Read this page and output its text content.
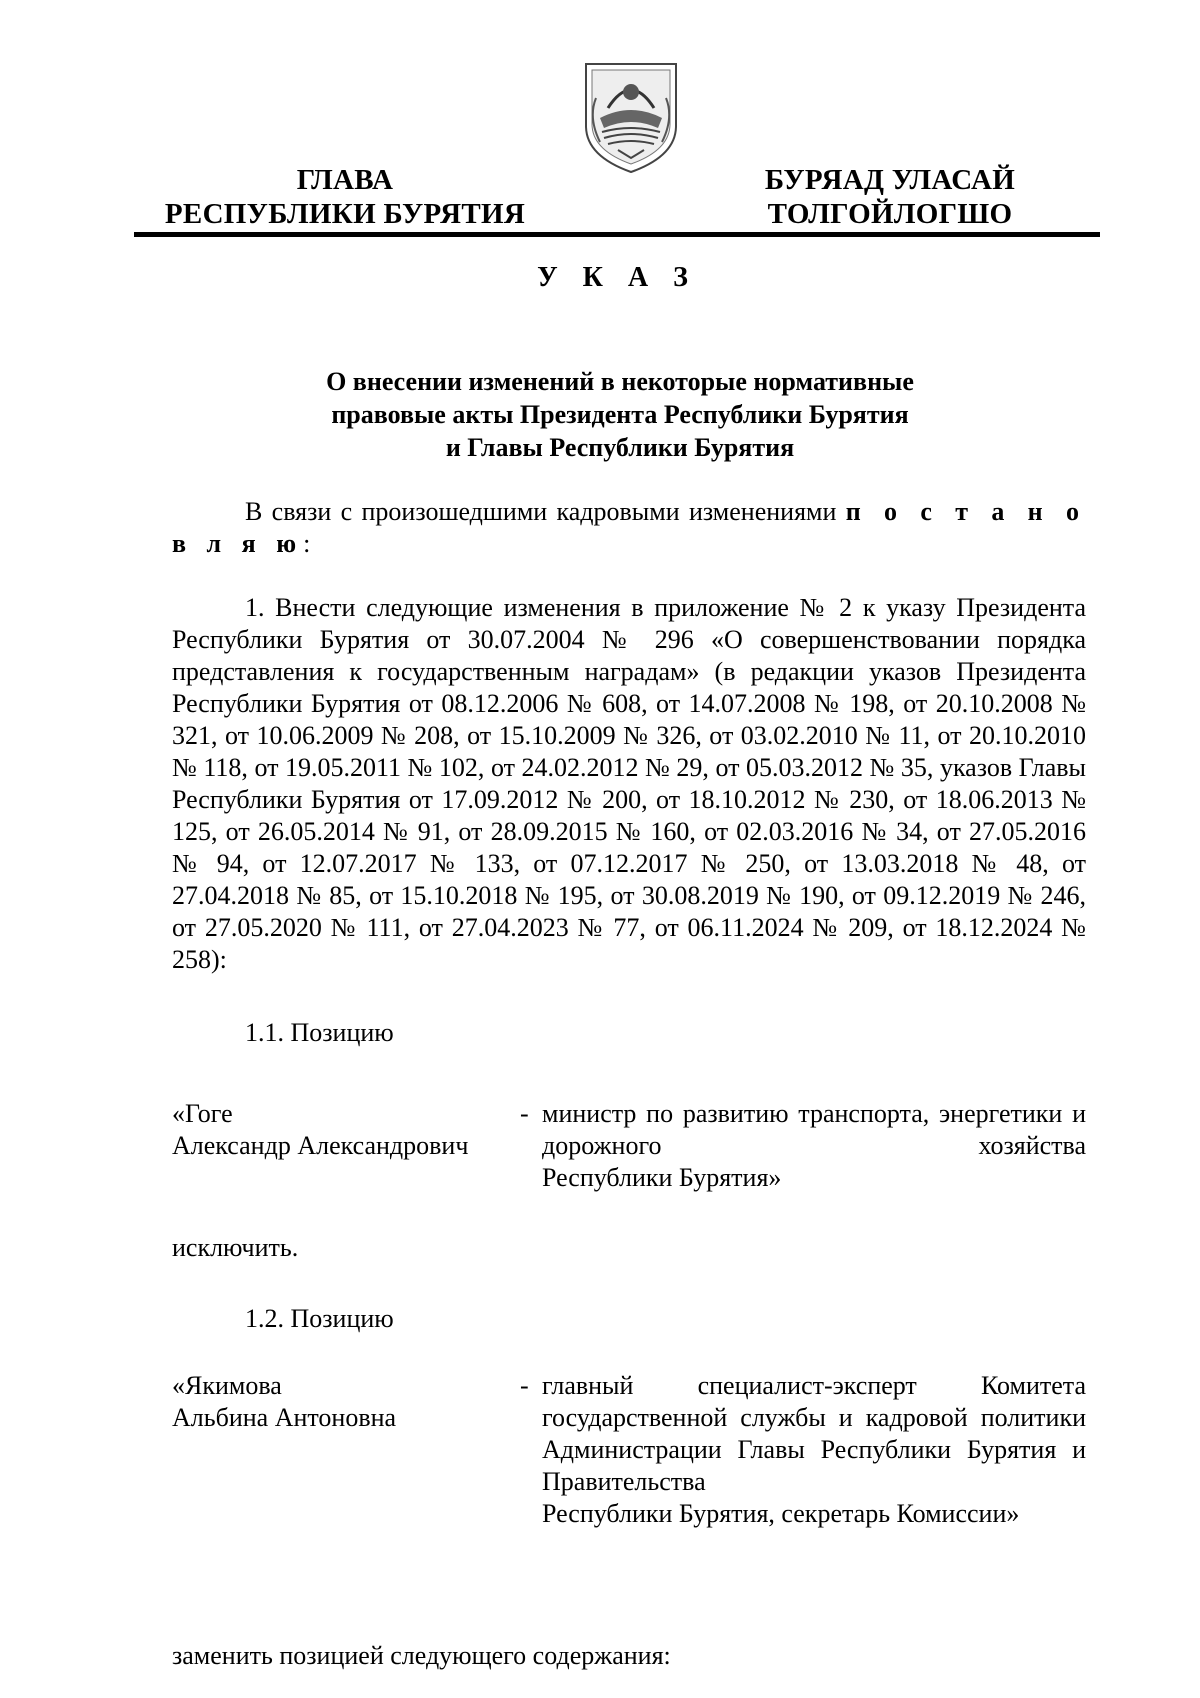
ГЛАВА
РЕСПУБЛИКИ БУРЯТИЯ
БУРЯАД УЛАСАЙ
ТОЛГОЙЛОГШО
У К А З
О внесении изменений в некоторые нормативные
правовые акты Президента Республики Бурятия
и Главы Республики Бурятия
В связи с произошедшими кадровыми изменениями п о с т а н о в л я ю:
1. Внести следующие изменения в приложение № 2 к указу Президента Республики Бурятия от 30.07.2004 № 296 «О совершенствовании порядка представления к государственным наградам» (в редакции указов Президента Республики Бурятия от 08.12.2006 № 608, от 14.07.2008 № 198, от 20.10.2008 № 321, от 10.06.2009 № 208, от 15.10.2009 № 326, от 03.02.2010 № 11, от 20.10.2010 № 118, от 19.05.2011 № 102, от 24.02.2012 № 29, от 05.03.2012 № 35, указов Главы Республики Бурятия от 17.09.2012 № 200, от 18.10.2012 № 230, от 18.06.2013 № 125, от 26.05.2014 № 91, от 28.09.2015 № 160, от 02.03.2016 № 34, от 27.05.2016 № 94, от 12.07.2017 № 133, от 07.12.2017 № 250, от 13.03.2018 № 48, от 27.04.2018 № 85, от 15.10.2018 № 195, от 30.08.2019 № 190, от 09.12.2019 № 246, от 27.05.2020 № 111, от 27.04.2023 № 77, от 06.11.2024 № 209, от 18.12.2024 № 258):
1.1. Позицию
«Гоге
Александр Александрович
- министр по развитию транспорта, энергетики и дорожного хозяйства
Республики Бурятия»
исключить.
1.2. Позицию
«Якимова
Альбина Антоновна
- главный специалист-эксперт Комитета государственной службы и кадровой политики Администрации Главы Республики Бурятия и Правительства
Республики Бурятия, секретарь Комиссии»
заменить позицией следующего содержания:
